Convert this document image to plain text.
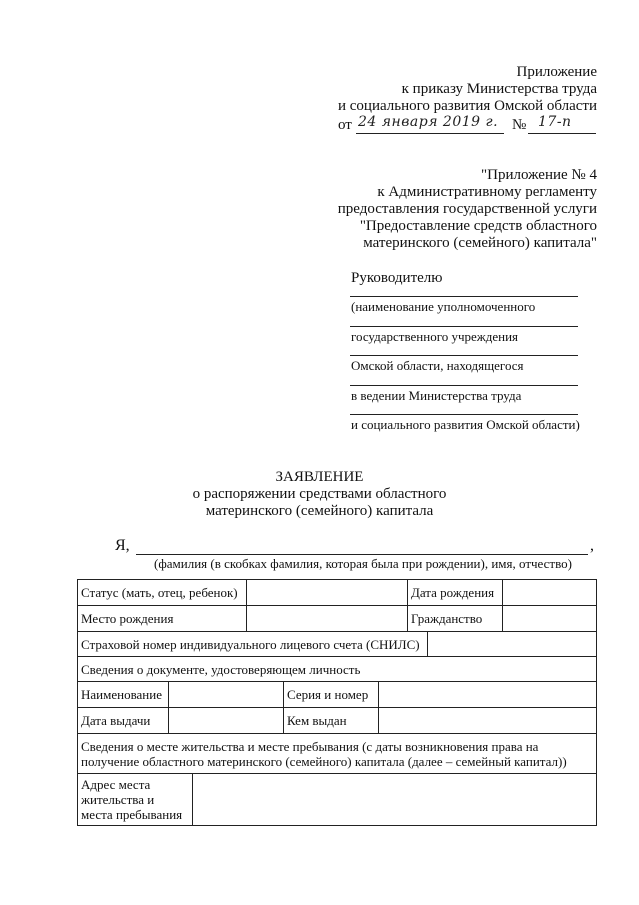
Приложение
к приказу Министерства труда
и социального развития Омской области
от 24 января 2019 г. № 17-п
"Приложение № 4
к Административному регламенту
предоставления государственной услуги
"Предоставление средств областного
материнского (семейного) капитала"
Руководителю
(наименование уполномоченного
государственного учреждения
Омской области, находящегося
в ведении Министерства труда
и социального развития Омской области)
ЗАЯВЛЕНИЕ
о распоряжении средствами областного
материнского (семейного) капитала
Я,	,
(фамилия (в скобках фамилия, которая была при рождении), имя, отчество)
Статус (мать, отец, ребенок)		Дата рождения	
Место рождения		Гражданство	
Страховой номер индивидуального лицевого счета (СНИЛС)	
Сведения о документе, удостоверяющем личность			
Наименование		Серия и номер	
Дата выдачи		Кем выдан	
Сведения о месте жительства и месте пребывания (с даты возникновения права на получение областного материнского (семейного) капитала (далее – семейный капитал))
Адрес места жительства и места пребывания	
